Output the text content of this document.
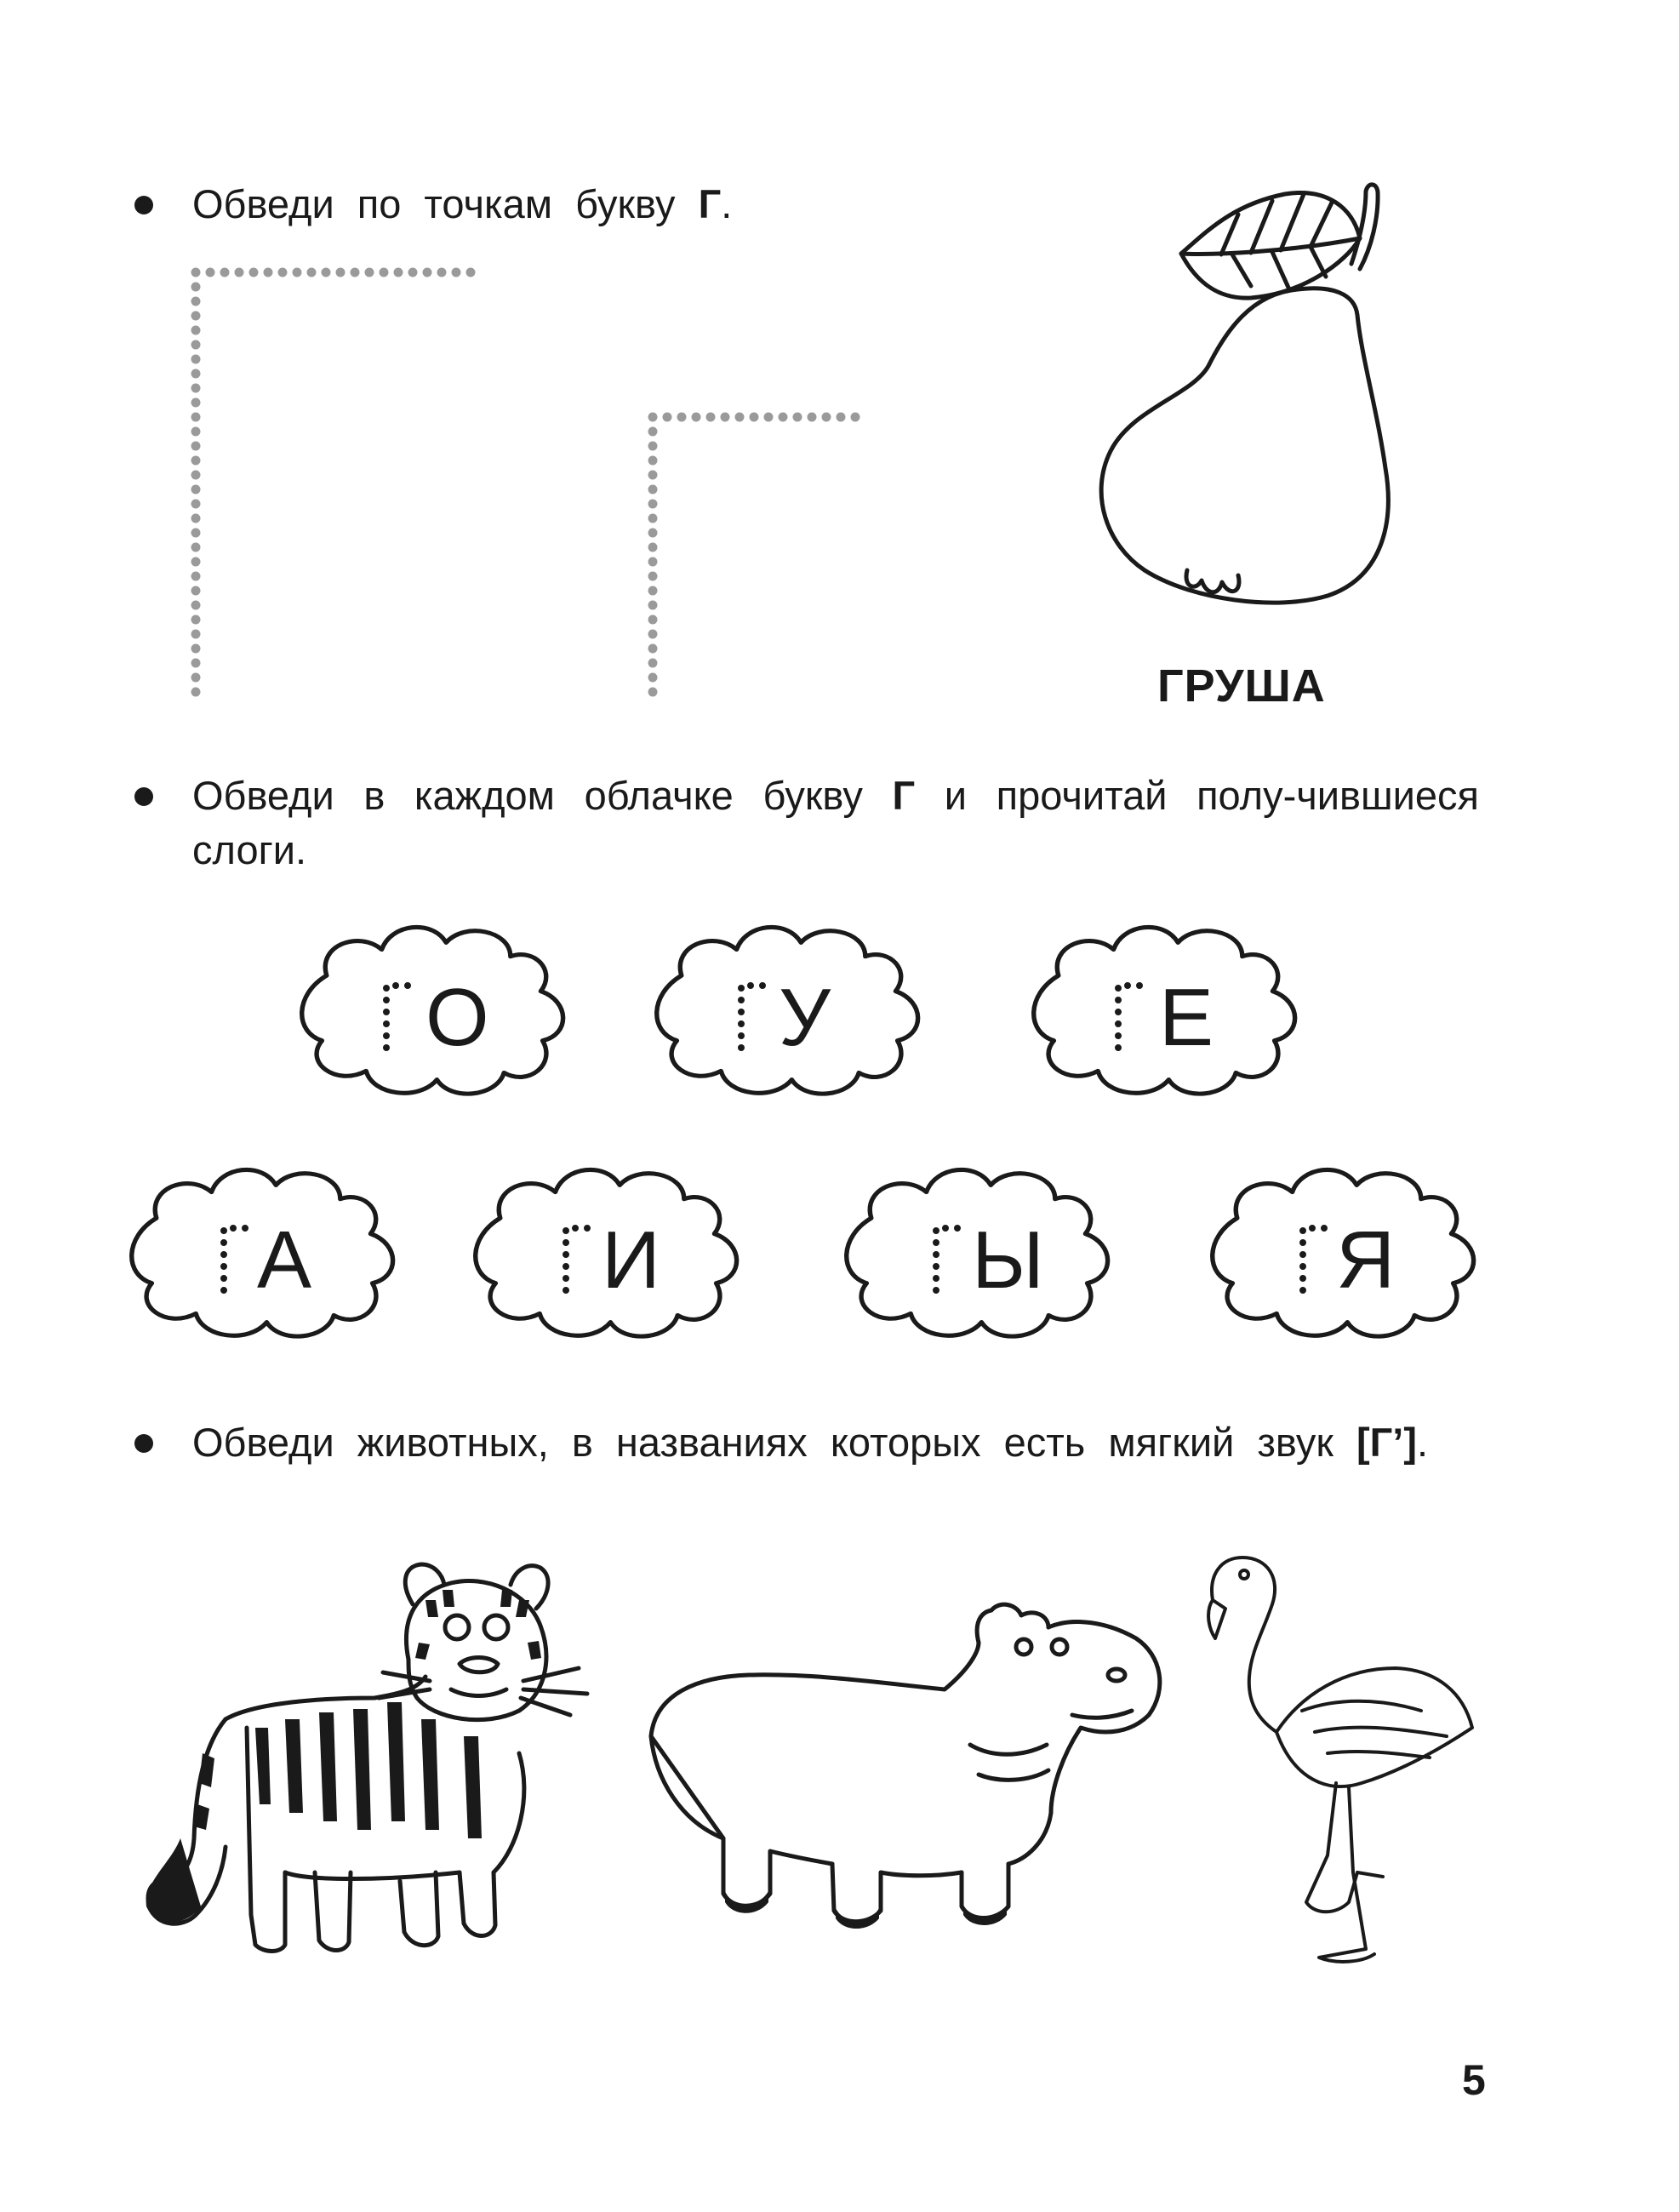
Обведи по точкам букву Г.
ГРУША
Обведи в каждом облачке букву Г и прочитай полу-чившиеся слоги.
О	У	Е
А	И	Ы	Я
Обведи животных, в названиях которых есть мягкий звук [Г’].
5
